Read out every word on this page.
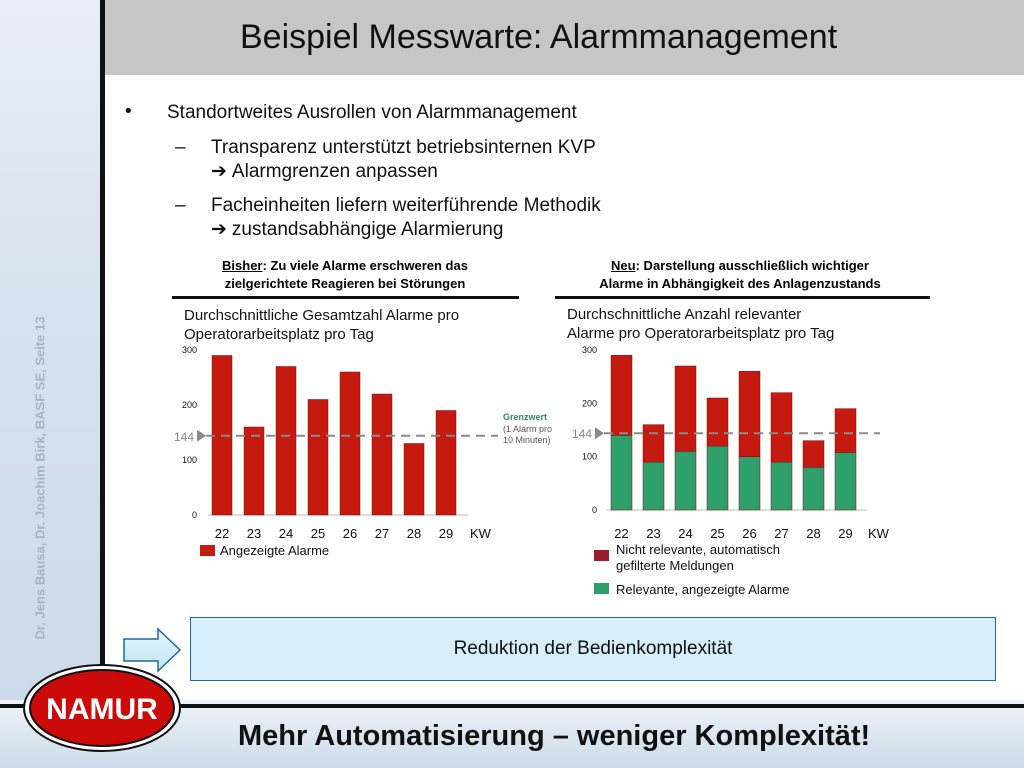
Beispiel Messwarte: Alarmmanagement
Dr. Jens Bausa, Dr. Joachim Birk, BASF SE, Seite 13
• Standortweites Ausrollen von Alarmmanagement
– Transparenz unterstützt betriebsinternen KVP
➔ Alarmgrenzen anpassen
– Facheinheiten liefern weiterführende Methodik
➔ zustandsabhängige Alarmierung
Bisher: Zu viele Alarme erschweren das
zielgerichtete Reagieren bei Störungen
Durchschnittliche Gesamtzahl Alarme pro
Operatorarbeitsplatz pro Tag
Neu: Darstellung ausschließlich wichtiger
Alarme in Abhängigkeit des Anlagenzustands
Durchschnittliche Anzahl relevanter
Alarme pro Operatorarbeitsplatz pro Tag
0
100
200
300
22 23 24 25 26 27 28 29 KW
144
0
100
200
300
22 23 24 25 26 27 28 29 KW
144
Grenzwert
(1 Alarm pro
10 Minuten)
Angezeigte Alarme	Nicht relevante, automatisch
gefilterte Meldungen
Relevante, angezeigte Alarme
Reduktion der Bedienkomplexität
Mehr Automatisierung – weniger Komplexität!
NAMUR
